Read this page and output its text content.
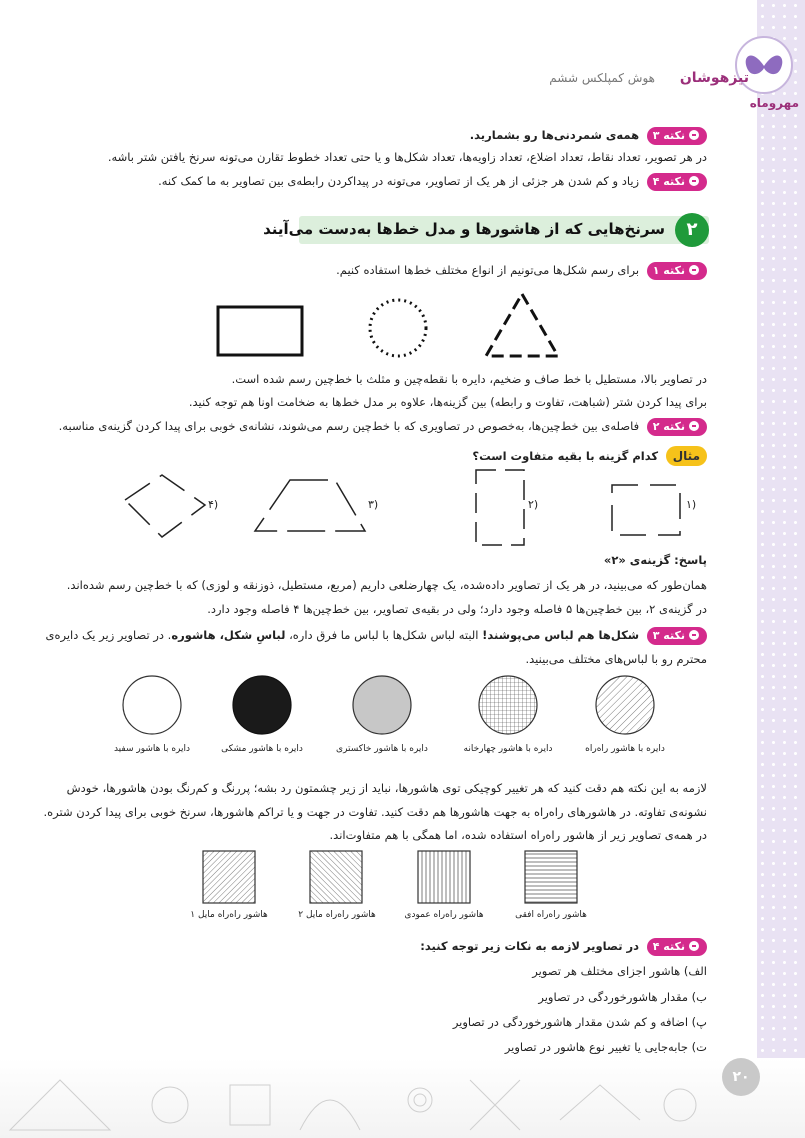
مهروماه
تیزهوشان
هوش کمپلکس ششم
نکته ۳ همه‌ی شمردنی‌ها رو بشمارید.
در هر تصویر، تعداد نقاط، تعداد اضلاع، تعداد زاویه‌ها، تعداد شکل‌ها و یا حتی تعداد خطوط تقارن می‌تونه سرنخ یافتن شتر باشه.
نکته ۴ زیاد و کم شدن هر جزئی از هر یک از تصاویر، می‌تونه در پیداکردن رابطه‌ی بین تصاویر به ما کمک کنه.
۲
سرنخ‌هایی که از هاشورها و مدل خط‌ها به‌دست می‌آیند
نکته ۱ برای رسم شکل‌ها می‌تونیم از انواع مختلف خط‌ها استفاده کنیم.
در تصاویر بالا، مستطیل با خط صاف و ضخیم، دایره با نقطه‌چین و مثلث با خط‌چین رسم شده است.
برای پیدا کردن شتر (شباهت، تفاوت و رابطه) بین گزینه‌ها، علاوه بر مدل خط‌ها به ضخامت اونا هم توجه کنید.
نکته ۲ فاصله‌ی بین خط‌چین‌ها، به‌خصوص در تصاویری که با خط‌چین رسم می‌شوند، نشانه‌ی خوبی برای پیدا کردن گزینه‌ی مناسبه.
مثال کدام گزینه با بقیه متفاوت است؟
(۴	(۳	(۲	(۱
پاسخ: گزینه‌ی «۲»
همان‌طور که می‌بینید، در هر یک از تصاویر داده‌شده، یک چهارضلعی داریم (مربع، مستطیل، ذوزنقه و لوزی) که با خط‌چین رسم شده‌اند.
در گزینه‌ی ۲، بین خط‌چین‌ها ۵ فاصله وجود دارد؛ ولی در بقیه‌ی تصاویر، بین خط‌چین‌ها ۴ فاصله وجود دارد.
نکته ۳ شکل‌ها هم لباس می‌پوشند! البته لباس شکل‌ها با لباس ما فرق داره، لباسِ شکل، هاشوره. در تصاویر زیر یک دایره‌ی
محترم رو با لباس‌های مختلف می‌بینید.
دایره با هاشور راه‌راه
دایره با هاشور چهارخانه
دایره با هاشور خاکستری
دایره با هاشور مشکی
دایره با هاشور سفید
لازمه به این نکته هم دقت کنید که هر تغییر کوچیکی توی هاشورها، نباید از زیر چشمتون رد بشه؛ پررنگ و کم‌رنگ بودن هاشورها، خودش
نشونه‌ی تفاوته. در هاشورهای راه‌راه به جهت هاشورها هم دقت کنید. تفاوت در جهت و یا تراکم هاشورها، سرنخ خوبی برای پیدا کردن شتره.
در همه‌ی تصاویر زیر از هاشور راه‌راه استفاده شده، اما همگی با هم متفاوت‌اند.
هاشور راه‌راه افقی
هاشور راه‌راه عمودی
هاشور راه‌راه مایل ۲
هاشور راه‌راه مایل ۱
نکته ۴ در تصاویر لازمه به نکات زیر توجه کنید:
الف) هاشور اجزای مختلف هر تصویر
ب) مقدار هاشورخوردگی در تصاویر
پ) اضافه و کم شدن مقدار هاشورخوردگی در تصاویر
ت) جابه‌جایی یا تغییر نوع هاشور در تصاویر
۲۰
